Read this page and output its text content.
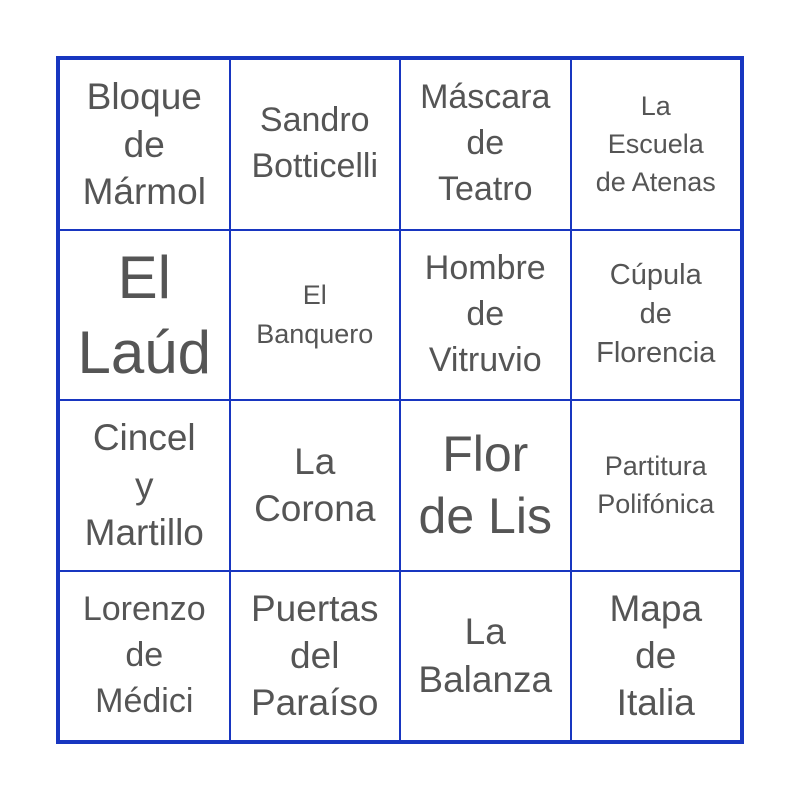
Bloque
de
Mármol
Sandro
Botticelli
Máscara
de
Teatro
La
Escuela
de Atenas
El
Laúd
El
Banquero
Hombre
de
Vitruvio
Cúpula
de
Florencia
Cincel
y
Martillo
La
Corona
Flor
de Lis
Partitura
Polifónica
Lorenzo
de
Médici
Puertas
del
Paraíso
La
Balanza
Mapa
de
Italia
